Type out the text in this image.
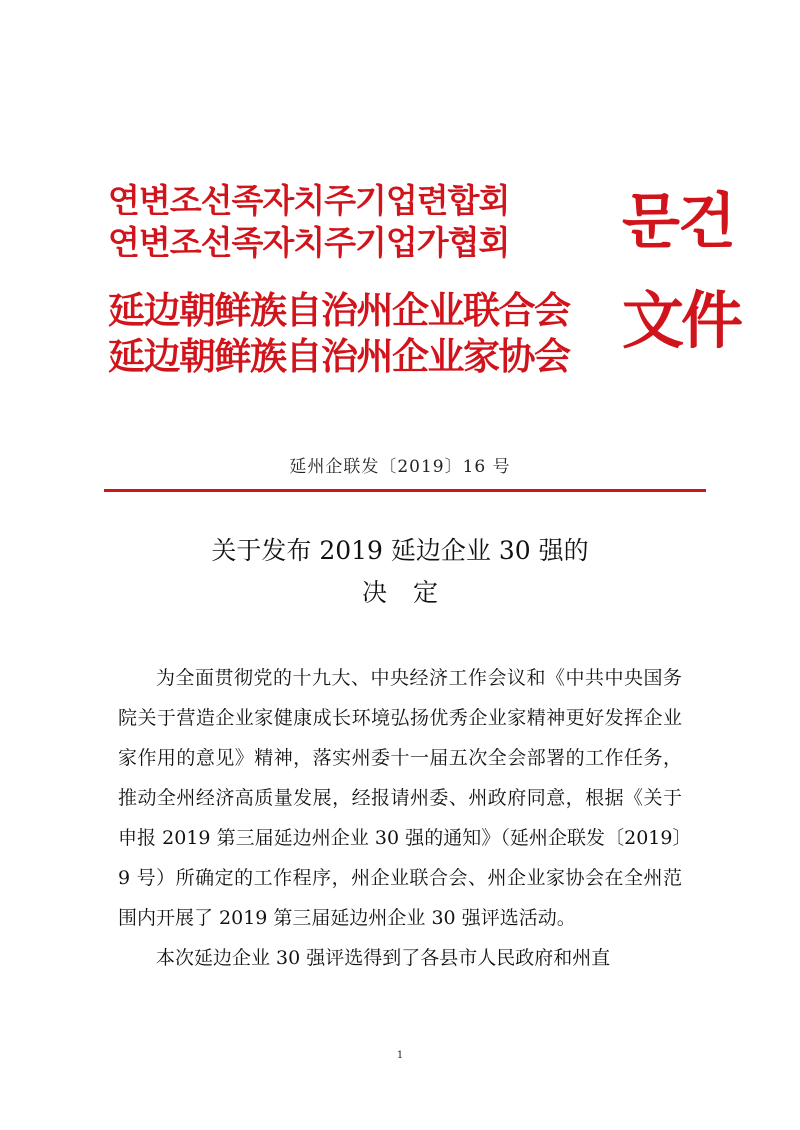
연변조선족자치주기업련합회
연변조선족자치주기업가협회
延边朝鲜族自治州企业联合会
延边朝鲜族自治州企业家协会
문건
文件
延州企联发〔2019〕16 号
关于发布 2019 延边企业 30 强的
决定

为全面贯彻党的十九大、中央经济工作会议和《中共中央国务院关于营造企业家健康成长环境弘扬优秀企业家精神更好发挥企业家作用的意见》精神，落实州委十一届五次全会部署的工作任务，推动全州经济高质量发展，经报请州委、州政府同意，根据《关于申报 2019 第三届延边州企业 30 强的通知》（延州企联发〔2019〕9 号）所确定的工作程序，州企业联合会、州企业家协会在全州范围内开展了 2019 第三届延边州企业 30 强评选活动。

本次延边企业 30 强评选得到了各县市人民政府和州直

1
